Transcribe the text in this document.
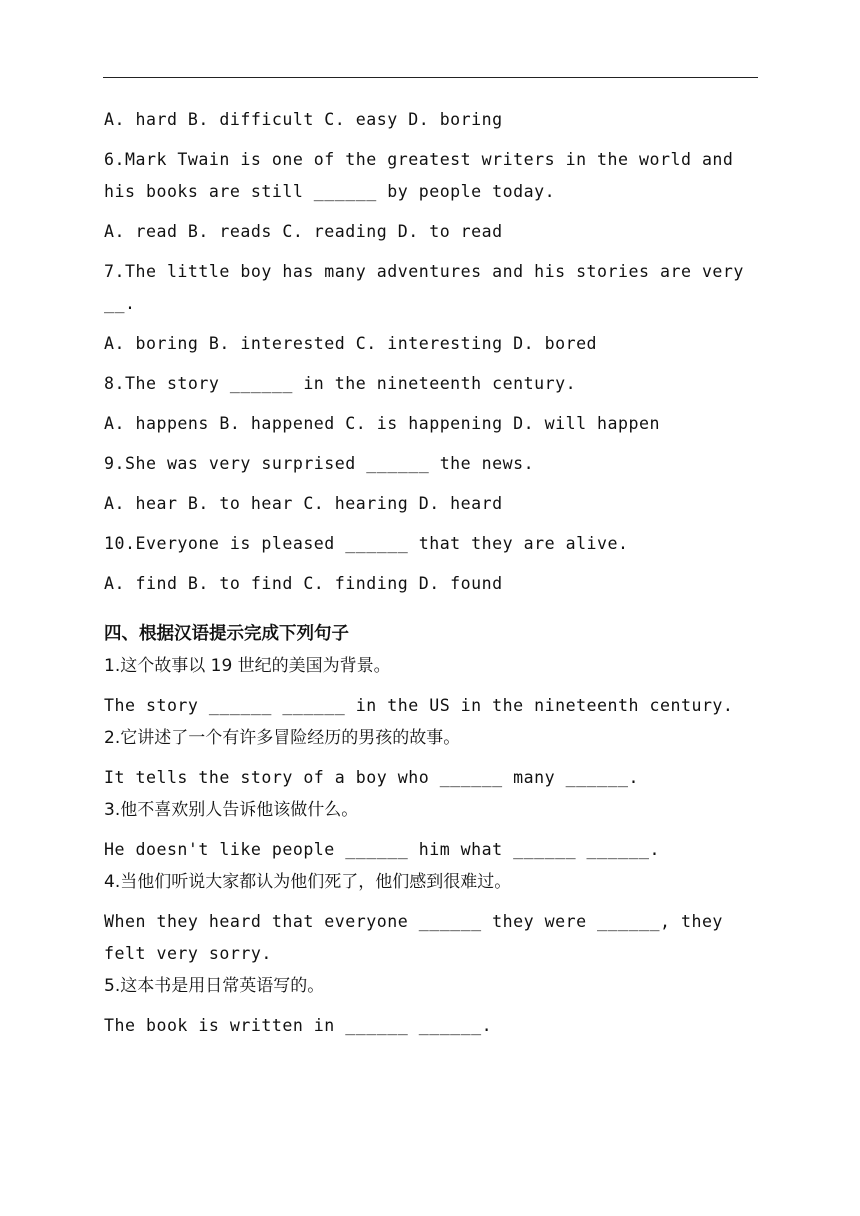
A. hard B. difficult C. easy D. boring

6.Mark Twain is one of the greatest writers in the world and his books are still ______ by people today.

A. read B. reads C. reading D. to read

7.The little boy has many adventures and his stories are very __.

A. boring B. interested C. interesting D. bored

8.The story ______ in the nineteenth century.

A. happens B. happened C. is happening D. will happen

9.She was very surprised ______ the news.

A. hear B. to hear C. hearing D. heard

10.Everyone is pleased ______ that they are alive.

A. find B. to find C. finding D. found

四、根据汉语提示完成下列句子

1.这个故事以 19 世纪的美国为背景。

The story ______ ______ in the US in the nineteenth century.

2.它讲述了一个有许多冒险经历的男孩的故事。

It tells the story of a boy who ______ many ______.

3.他不喜欢别人告诉他该做什么。

He doesn't like people ______ him what ______ ______.

4.当他们听说大家都认为他们死了，他们感到很难过。

When they heard that everyone ______ they were ______, they felt very sorry.

5.这本书是用日常英语写的。

The book is written in ______ ______.
